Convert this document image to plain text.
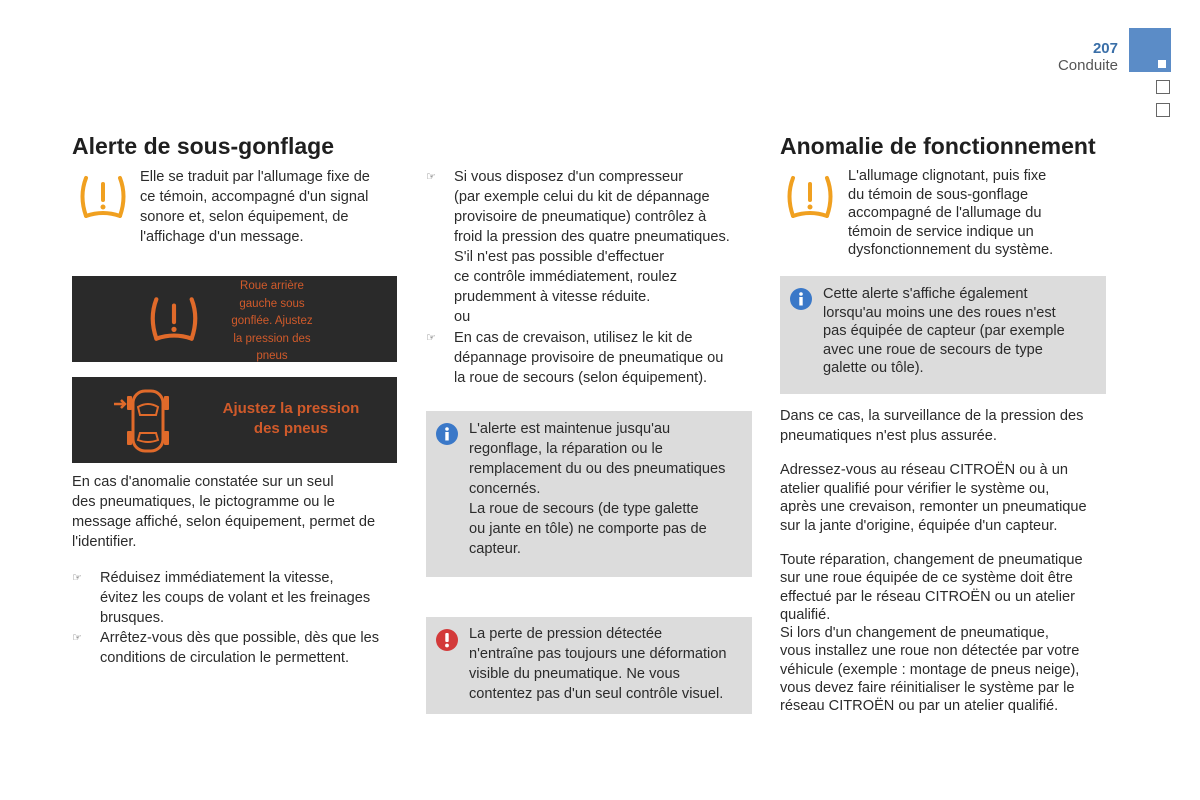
207
Conduite
Alerte de sous-gonflage

Elle se traduit par l'allumage fixe de

ce témoin, accompagné d'un signal

sonore et, selon équipement, de

l'affichage d'un message.

Roue arrière
gauche sous
gonflée. Ajustez
la pression des
pneus
Ajustez la pression
des pneus

En cas d'anomalie constatée sur un seul

des pneumatiques, le pictogramme ou le

message affiché, selon équipement, permet de

l'identifier.

☞ Réduisez immédiatement la vitesse,

évitez les coups de volant et les freinages

brusques.

☞ Arrêtez-vous dès que possible, dès que les

conditions de circulation le permettent.

☞ Si vous disposez d'un compresseur

(par exemple celui du kit de dépannage

provisoire de pneumatique) contrôlez à

froid la pression des quatre pneumatiques.

S'il n'est pas possible d'effectuer

ce contrôle immédiatement, roulez

prudemment à vitesse réduite.

ou

☞ En cas de crevaison, utilisez le kit de

dépannage provisoire de pneumatique ou

la roue de secours (selon équipement).

L'alerte est maintenue jusqu'au

regonflage, la réparation ou le

remplacement du ou des pneumatiques

concernés.

La roue de secours (de type galette

ou jante en tôle) ne comporte pas de

capteur.

La perte de pression détectée

n'entraîne pas toujours une déformation

visible du pneumatique. Ne vous

contentez pas d'un seul contrôle visuel.

Anomalie de fonctionnement

L'allumage clignotant, puis fixe

du témoin de sous-gonflage

accompagné de l'allumage du

témoin de service indique un

dysfonctionnement du système.

Cette alerte s'affiche également

lorsqu'au moins une des roues n'est

pas équipée de capteur (par exemple

avec une roue de secours de type

galette ou tôle).

Dans ce cas, la surveillance de la pression des

pneumatiques n'est plus assurée.

Adressez-vous au réseau CITROËN ou à un

atelier qualifié pour vérifier le système ou,

après une crevaison, remonter un pneumatique

sur la jante d'origine, équipée d'un capteur.

Toute réparation, changement de pneumatique

sur une roue équipée de ce système doit être

effectué par le réseau CITROËN ou un atelier

qualifié.

Si lors d'un changement de pneumatique,

vous installez une roue non détectée par votre

véhicule (exemple : montage de pneus neige),

vous devez faire réinitialiser le système par le

réseau CITROËN ou par un atelier qualifié.
